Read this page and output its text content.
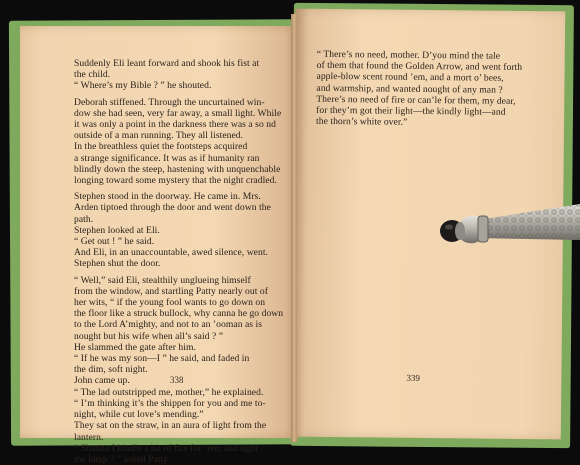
Suddenly Eli leant forward and shook his fist at
the child.
“ Where’s my Bible ? ” he shouted.
Deborah stiffened. Through the uncurtained win-
dow she had seen, very far away, a small light. While
it was only a point in the darkness there was a so nd
outside of a man running. They all listened.
In the breathless quiet the footsteps acquired
a strange significance. It was as if humanity ran
blindly down the steep, hastening with unquenchable
longing toward some mystery that the night cradled.
Stephen stood in the doorway. He came in. Mrs.
Arden tiptoed through the door and went down the
path.
Stephen looked at Eli.
“ Get out ! ” he said.
And Eli, in an unaccountable, awed silence, went.
Stephen shut the door.
“ Well,” said Eli, stealthily unglueing himself
from the window, and startling Patty nearly out of
her wits, “ if the young fool wants to go down on
the floor like a struck bullock, why canna he go down
to the Lord A’mighty, and not to an ’ooman as is
nought but his wife when all’s said ? ”
He slammed the gate after him.
“ If he was my son—I ” he said, and faded in
the dim, soft night.
John came up.
“ The lad outstripped me, mother,” he explained.
“ I’m thinking it’s the shippen for you and me to-
night, while cut love’s mending.”
They sat on the straw, in an aura of light from the
lantern.
“ Shanna I kindle a bit of fire for ’em, and light
the lamp ? ” asked Patty.
338
“ There’s no need, mother. D’you mind the tale
of them that found the Golden Arrow, and went forth
apple-blow scent round ’em, and a mort o’ bees,
and warmship, and wanted nought of any man ?
There’s no need of fire or can’le for them, my dear,
for they’m got their light—the kindly light—and
the thorn’s white over.”
339
